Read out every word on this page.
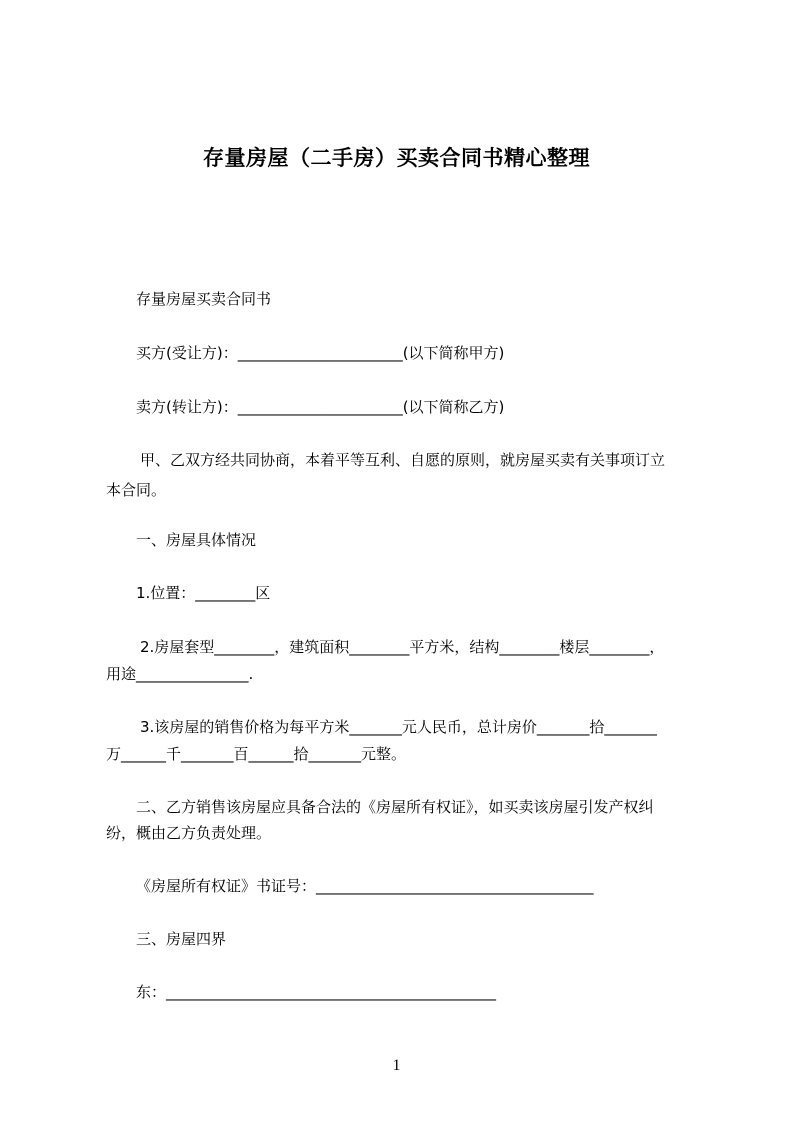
存量房屋（二手房）买卖合同书精心整理

存量房屋买卖合同书

买方(受让方)：______________________(以下简称甲方)

卖方(转让方)：______________________(以下简称乙方)

甲、乙双方经共同协商，本着平等互利、自愿的原则，就房屋买卖有关事项订立

本合同。

一、房屋具体情况

1.位置：________区

2.房屋套型________，建筑面积________平方米，结构________楼层________，

用途_______________.

3.该房屋的销售价格为每平方米_______元人民币，总计房价_______拾_______

万______千_______百______拾_______元整。

二、乙方销售该房屋应具备合法的《房屋所有权证》，如买卖该房屋引发产权纠

纷，概由乙方负责处理。

《房屋所有权证》书证号：_____________________________________

三、房屋四界

东：____________________________________________

1
